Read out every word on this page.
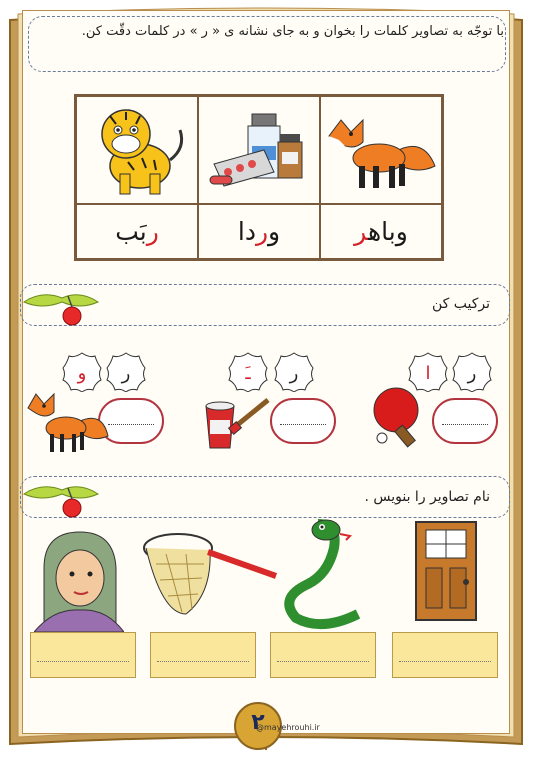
با توجّه به تصاویر کلمات را بخوان و به جای نشانه ی « ر » در کلمات دقّت کن.

ربَب	وردا	وباهر
ترکیب کن
ر
ا
ر
ـَ
ر
و
نام تصاویر را بنویس .
۲
@mayehrouhi.ir
